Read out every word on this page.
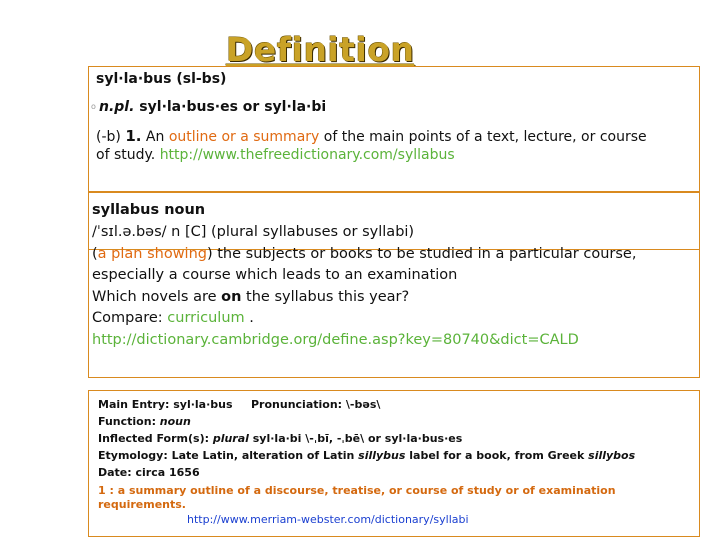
Definition
syl·la·bus (sl-bs)
o n.pl. syl·la·bus·es or syl·la·bi
(-b) 1. An outline or a summary of the main points of a text, lecture, or course
of study. http://www.thefreedictionary.com/syllabus
syllabus noun
/ˈsɪl.ə.bəs/ n [C] (plural syllabuses or syllabi)
(a plan showing) the subjects or books to be studied in a particular course,
especially a course which leads to an examination
Which novels are on the syllabus this year?
Compare: curriculum .
http://dictionary.cambridge.org/define.asp?key=80740&dict=CALD
Main Entry: syl·la·bus Pronunciation: \-bəs\
Function: noun
Inflected Form(s): plural syl·la·bi \-ˌbī, -ˌbē\ or syl·la·bus·es
Etymology: Late Latin, alteration of Latin sillybus label for a book, from Greek sillybos
Date: circa 1656
1 : a summary outline of a discourse, treatise, or course of study or of examination
requirements.
http://www.merriam-webster.com/dictionary/syllabi
